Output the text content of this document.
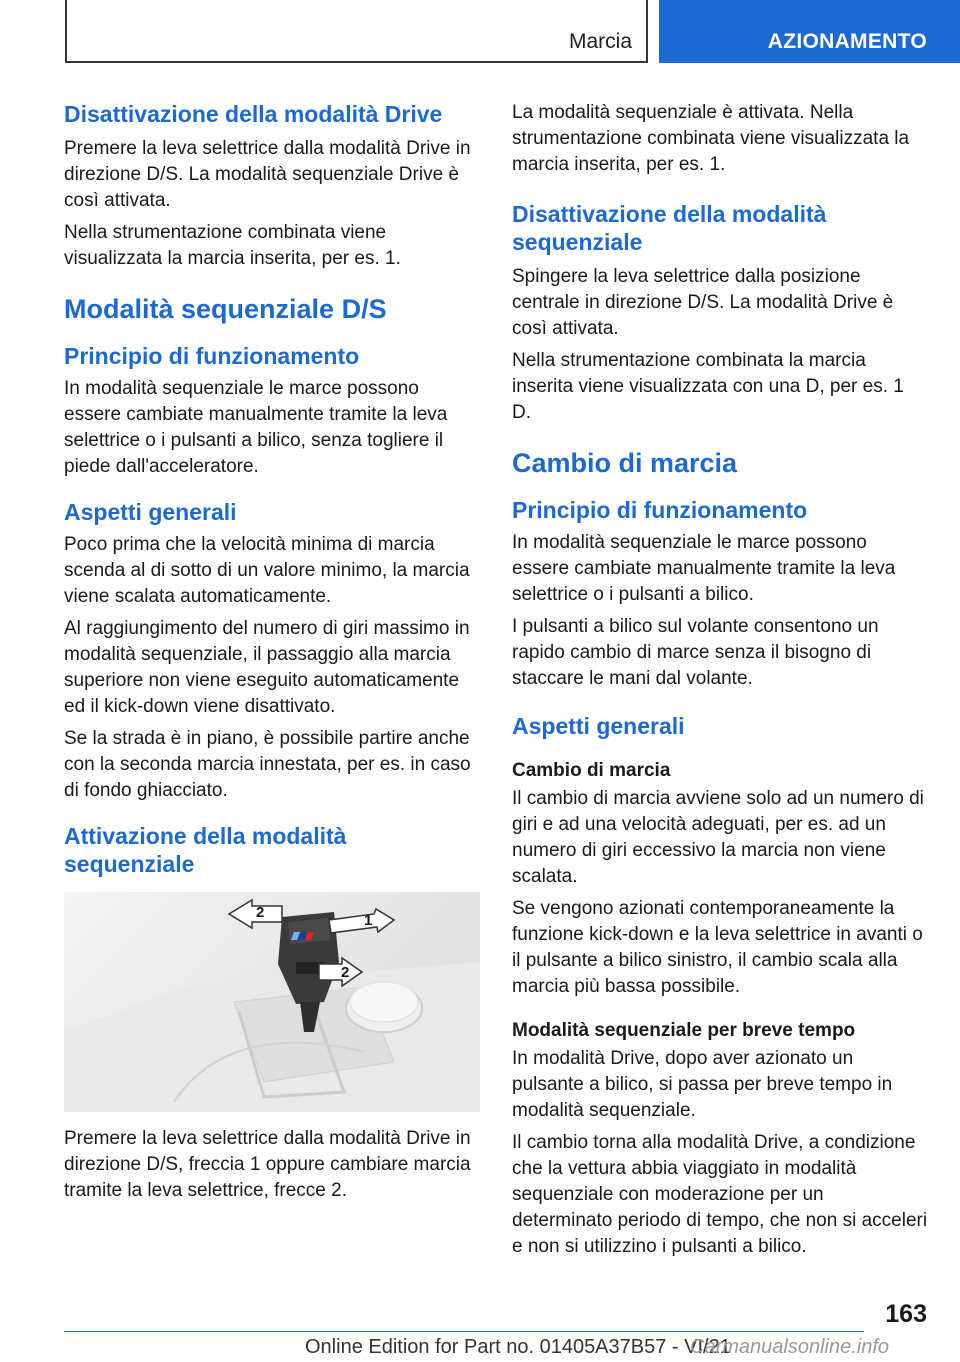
Marcia	AZIONAMENTO
Disattivazione della modalità Drive

Premere la leva selettrice dalla modalità Drive in direzione D/S. La modalità sequenziale Drive è così attivata.

Nella strumentazione combinata viene visualizzata la marcia inserita, per es. 1.

Modalità sequenziale D/S
Principio di funzionamento

In modalità sequenziale le marce possono essere cambiate manualmente tramite la leva selettrice o i pulsanti a bilico, senza togliere il piede dall'acceleratore.

Aspetti generali

Poco prima che la velocità minima di marcia scenda al di sotto di un valore minimo, la marcia viene scalata automaticamente.

Al raggiungimento del numero di giri massimo in modalità sequenziale, il passaggio alla marcia superiore non viene eseguito automaticamente ed il kick-down viene disattivato.

Se la strada è in piano, è possibile partire anche con la seconda marcia innestata, per es. in caso di fondo ghiacciato.

Attivazione della modalità sequenziale
1
2
2

Premere la leva selettrice dalla modalità Drive in direzione D/S, freccia 1 oppure cambiare marcia tramite la leva selettrice, frecce 2.

La modalità sequenziale è attivata. Nella strumentazione combinata viene visualizzata la marcia inserita, per es. 1.

Disattivazione della modalità sequenziale

Spingere la leva selettrice dalla posizione centrale in direzione D/S. La modalità Drive è così attivata.

Nella strumentazione combinata la marcia inserita viene visualizzata con una D, per es. 1 D.

Cambio di marcia
Principio di funzionamento

In modalità sequenziale le marce possono essere cambiate manualmente tramite la leva selettrice o i pulsanti a bilico.

I pulsanti a bilico sul volante consentono un rapido cambio di marce senza il bisogno di staccare le mani dal volante.

Aspetti generali
Cambio di marcia

Il cambio di marcia avviene solo ad un numero di giri e ad una velocità adeguati, per es. ad un numero di giri eccessivo la marcia non viene scalata.

Se vengono azionati contemporaneamente la funzione kick-down e la leva selettrice in avanti o il pulsante a bilico sinistro, il cambio scala alla marcia più bassa possibile.

Modalità sequenziale per breve tempo

In modalità Drive, dopo aver azionato un pulsante a bilico, si passa per breve tempo in modalità sequenziale.

Il cambio torna alla modalità Drive, a condizione che la vettura abbia viaggiato in modalità sequenziale con moderazione per un determinato periodo di tempo, che non si acceleri e non si utilizzino i pulsanti a bilico.

163
Online Edition for Part no. 01405A37B57 - VI/21
Carmanualsonline.info
